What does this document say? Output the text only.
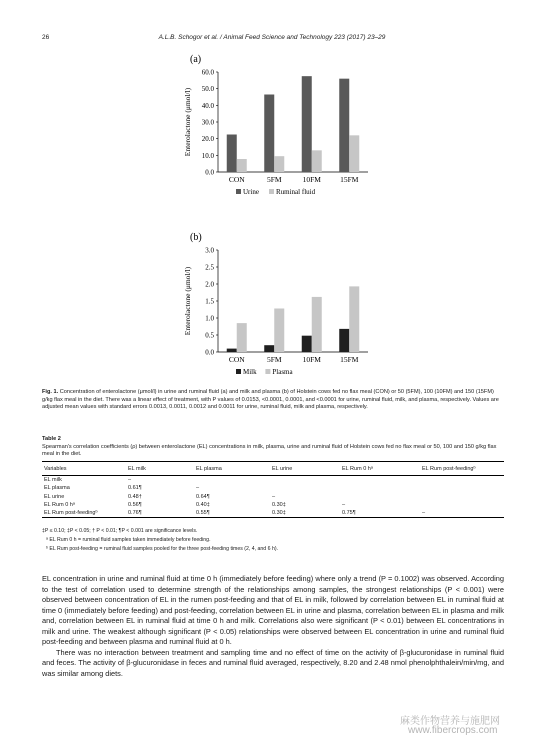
26	A.L.B. Schogor et al. / Animal Feed Science and Technology 223 (2017) 23–29
(a)
0.0
10.0
20.0
30.0
40.0
50.0
60.0
Enterolactone (μmol/l)
CON	5FM	10FM	15FM
Urine Ruminal fluid
(b)
0.0
0.5
1.0
1.5
2.0
2.5
3.0
Enterolactone (μmol/l)
CON	5FM	10FM	15FM
Milk Plasma
Fig. 1. Concentration of enterolactone (μmol/l) in urine and ruminal fluid (a) and milk and plasma (b) of Holstein cows fed no flax meal (CON) or 50 (5FM), 100 (10FM) and 150 (15FM) g/kg flax meal in the diet. There was a linear effect of treatment, with P values of 0.0153, <0.0001, 0.0001, and <0.0001 for urine, ruminal fluid, milk, and plasma, respectively. Values are adjusted mean values with standard errors 0.0013, 0.0011, 0.0012 and 0.0011 for urine, ruminal fluid, milk and plasma, respectively.
Table 2
Spearman's correlation coefficients (ρ) between enterolactone (EL) concentrations in milk, plasma, urine and ruminal fluid of Holstein cows fed no flax meal or 50, 100 and 150 g/kg flax meal in the diet.
Variables	EL milk	EL plasma	EL urine	EL Rum 0 hᵃ	EL Rum post-feedingᵇ
EL milk	–				
EL plasma	0.61¶	–			
EL urine	0.48†	0.64¶	–		
EL Rum 0 hᵃ	0.56¶	0.40‡	0.30‡	–	
EL Rum post-feedingᵇ	0.76¶	0.55¶	0.30‡	0.75¶	–
‡P ≤ 0.10; ‡P < 0.05; † P < 0.01; ¶P < 0.001 are significance levels.
ᵃ EL Rum 0 h = ruminal fluid samples taken immediately before feeding.
ᵇ EL Rum post-feeding = ruminal fluid samples pooled for the three post-feeding times (2, 4, and 6 h).

EL concentration in urine and ruminal fluid at time 0 h (immediately before feeding) where only a trend (P = 0.1002) was observed. According to the test of correlation used to determine strength of the relationships among samples, the strongest relationships (P < 0.001) were observed between concentration of EL in the rumen post-feeding and that of EL in milk, followed by correlation between EL in ruminal fluid at time 0 (immediately before feeding) and post-feeding, correlation between EL in urine and plasma, correlation between EL in plasma and milk and, correlation between EL in ruminal fluid at time 0 h and milk. Correlations also were significant (P < 0.01) between EL concentrations in milk and urine. The weakest although significant (P < 0.05) relationships were observed between EL concentration in urine and ruminal fluid post-feeding and between plasma and ruminal fluid at 0 h.

There was no interaction between treatment and sampling time and no effect of time on the activity of β-glucuronidase in ruminal fluid and feces. The activity of β-glucuronidase in feces and ruminal fluid averaged, respectively, 8.20 and 2.48 nmol phenolphthalein/min/mg, and was similar among diets.

麻类作物营养与施肥网
www.fibercrops.com
